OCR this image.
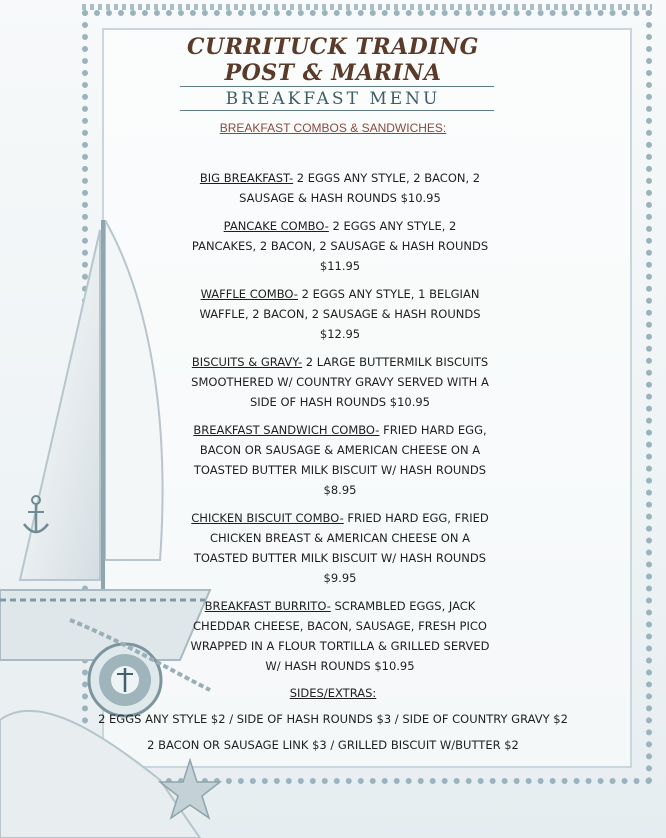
CURRITUCK TRADING
POST & MARINA
BREAKFAST MENU
BREAKFAST COMBOS & SANDWICHES:
BIG BREAKFAST- 2 EGGS ANY STYLE, 2 BACON, 2 SAUSAGE & HASH ROUNDS $10.95
PANCAKE COMBO- 2 EGGS ANY STYLE, 2 PANCAKES, 2 BACON, 2 SAUSAGE & HASH ROUNDS $11.95
WAFFLE COMBO- 2 EGGS ANY STYLE, 1 BELGIAN WAFFLE, 2 BACON, 2 SAUSAGE & HASH ROUNDS $12.95
BISCUITS & GRAVY- 2 LARGE BUTTERMILK BISCUITS SMOOTHERED W/ COUNTRY GRAVY SERVED WITH A SIDE OF HASH ROUNDS $10.95
BREAKFAST SANDWICH COMBO- FRIED HARD EGG, BACON OR SAUSAGE & AMERICAN CHEESE ON A TOASTED BUTTER MILK BISCUIT W/ HASH ROUNDS $8.95
CHICKEN BISCUIT COMBO- FRIED HARD EGG, FRIED CHICKEN BREAST & AMERICAN CHEESE ON A TOASTED BUTTER MILK BISCUIT W/ HASH ROUNDS $9.95
BREAKFAST BURRITO- SCRAMBLED EGGS, JACK CHEDDAR CHEESE, BACON, SAUSAGE, FRESH PICO WRAPPED IN A FLOUR TORTILLA & GRILLED SERVED W/ HASH ROUNDS $10.95
SIDES/EXTRAS:
2 EGGS ANY STYLE $2 / SIDE OF HASH ROUNDS $3 / SIDE OF COUNTRY GRAVY $2
2 BACON OR SAUSAGE LINK $3 / GRILLED BISCUIT W/BUTTER $2
